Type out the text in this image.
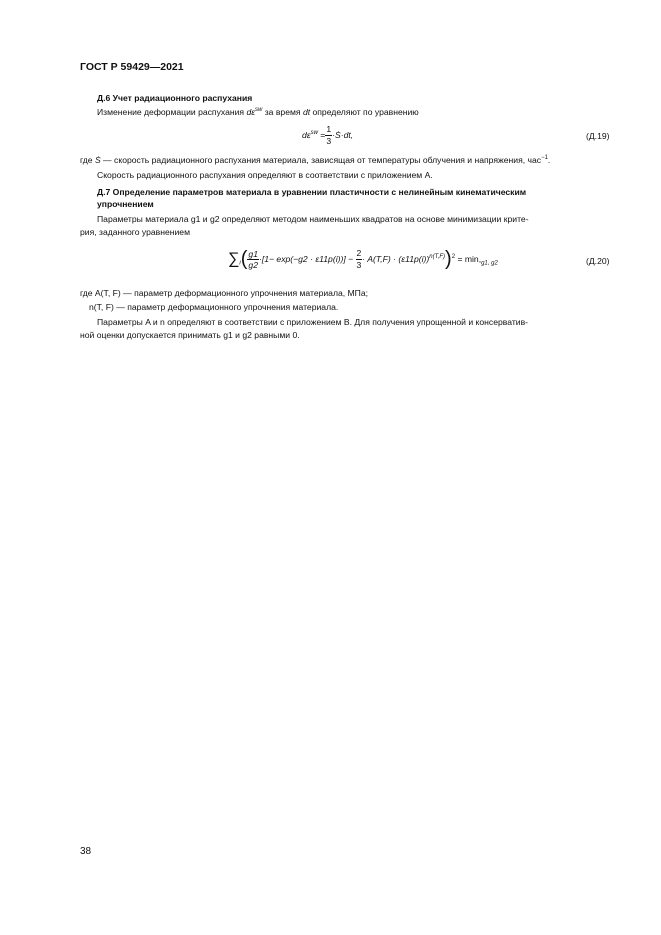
ГОСТ Р 59429—2021
Д.6 Учет радиационного распухания
Изменение деформации распухания $d\varepsilon^{sw}$ за время dt определяют по уравнению
$d\varepsilon^{sw} = \frac{1}{3}$ ·Ṡ·dt,	(Д.19)
где Ṡ — скорость радиационного распухания материала, зависящая от температуры облучения и напряжения, час$^{-1}$.
Скорость радиационного распухания определяют в соответствии с приложением А.
Д.7 Определение параметров материала в уравнении пластичности с нелинейным кинематическим
упрочнением
Параметры материала g1 и g2 определяют методом наименьших квадратов на основе минимизации крите-
рия, заданного уравнением
$\sum_i( \frac{g1}{g2} \cdot[1- \exp(-g2 \cdot \varepsilon 11p(i))] - \frac{2}{3} \cdot A(T,F) \cdot (\varepsilon 11p(i))^{n(T,F)})^2 = \min,_{g1, g2}$	(Д.20)
где A(T, F) — параметр деформационного упрочнения материала, МПа;
n(T, F) — параметр деформационного упрочнения материала.
Параметры A и n определяют в соответствии с приложением В. Для получения упрощенной и консерватив-
ной оценки допускается принимать g1 и g2 равными 0.
38
